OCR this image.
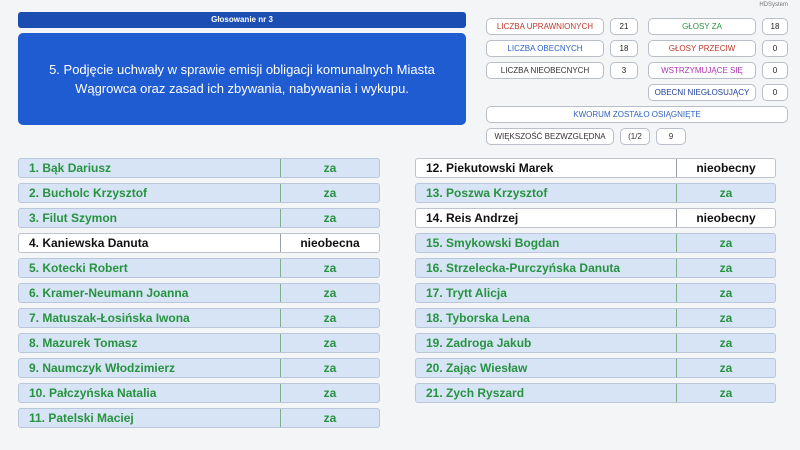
HDSystem
Głosowanie nr 3
5. Podjęcie uchwały w sprawie emisji obligacji komunalnych Miasta Wągrowca oraz zasad ich zbywania, nabywania i wykupu.
LICZBA UPRAWNIONYCH	21
LICZBA OBECNYCH	18
LICZBA NIEOBECNYCH	3
GŁOSY ZA	18
GŁOSY PRZECIW	0
WSTRZYMUJĄCE SIĘ	0
OBECNI NIEGŁOSUJĄCY	0
KWORUM ZOSTAŁO OSIĄGNIĘTE
WIĘKSZOŚĆ BEZWZGLĘDNA	(1/2	9
1. Bąk Dariusz	za
2. Bucholc Krzysztof	za
3. Filut Szymon	za
4. Kaniewska Danuta	nieobecna
5. Kotecki Robert	za
6. Kramer-Neumann Joanna	za
7. Matuszak-Łosińska Iwona	za
8. Mazurek Tomasz	za
9. Naumczyk Włodzimierz	za
10. Pałczyńska Natalia	za
11. Patelski Maciej	za
12. Piekutowski Marek	nieobecny
13. Poszwa Krzysztof	za
14. Reis Andrzej	nieobecny
15. Smykowski Bogdan	za
16. Strzelecka-Purczyńska Danuta	za
17. Trytt Alicja	za
18. Tyborska Lena	za
19. Zadroga Jakub	za
20. Zając Wiesław	za
21. Zych Ryszard	za
